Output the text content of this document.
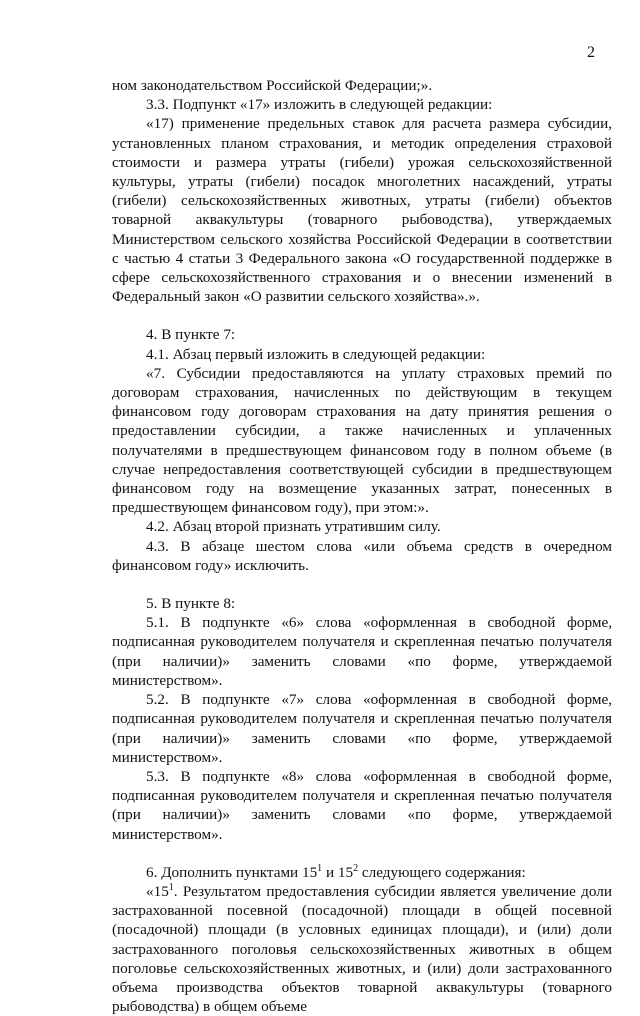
2

ном законодательством Российской Федерации;».

3.3. Подпункт «17» изложить в следующей редакции:

«17) применение предельных ставок для расчета размера субсидии, установленных планом страхования, и методик определения страховой стоимости и размера утраты (гибели) урожая сельскохозяйственной культуры, утраты (гибели) посадок многолетних насаждений, утраты (гибели) сельскохозяйственных животных, утраты (гибели) объектов товарной аквакультуры (товарного рыбоводства), утверждаемых Министерством сельского хозяйства Российской Федерации в соответствии с частью 4 статьи 3 Федерального закона «О государственной поддержке в сфере сельскохозяйственного страхования и о внесении изменений в Федеральный закон «О развитии сельского хозяйства».».

4. В пункте 7:

4.1. Абзац первый изложить в следующей редакции:

«7. Субсидии предоставляются на уплату страховых премий по договорам страхования, начисленных по действующим в текущем финансовом году договорам страхования на дату принятия решения о предоставлении субсидии, а также начисленных и уплаченных получателями в предшествующем финансовом году в полном объеме (в случае непредоставления соответствующей субсидии в предшествующем финансовом году на возмещение указанных затрат, понесенных в предшествующем финансовом году), при этом:».

4.2. Абзац второй признать утратившим силу.

4.3. В абзаце шестом слова «или объема средств в очередном финансовом году» исключить.

5. В пункте 8:

5.1. В подпункте «6» слова «оформленная в свободной форме, подписанная руководителем получателя и скрепленная печатью получателя (при наличии)» заменить словами «по форме, утверждаемой министерством».

5.2. В подпункте «7» слова «оформленная в свободной форме, подписанная руководителем получателя и скрепленная печатью получателя (при наличии)» заменить словами «по форме, утверждаемой министерством».

5.3. В подпункте «8» слова «оформленная в свободной форме, подписанная руководителем получателя и скрепленная печатью получателя (при наличии)» заменить словами «по форме, утверждаемой министерством».

6. Дополнить пунктами $15^1$ и $15^2$ следующего содержания:

«$15^1$. Результатом предоставления субсидии является увеличение доли застрахованной посевной (посадочной) площади в общей посевной (посадочной) площади (в условных единицах площади), и (или) доли застрахованного поголовья сельскохозяйственных животных в общем поголовье сельскохозяйственных животных, и (или) доли застрахованного объема производства объектов товарной аквакультуры (товарного рыбоводства) в общем объеме
